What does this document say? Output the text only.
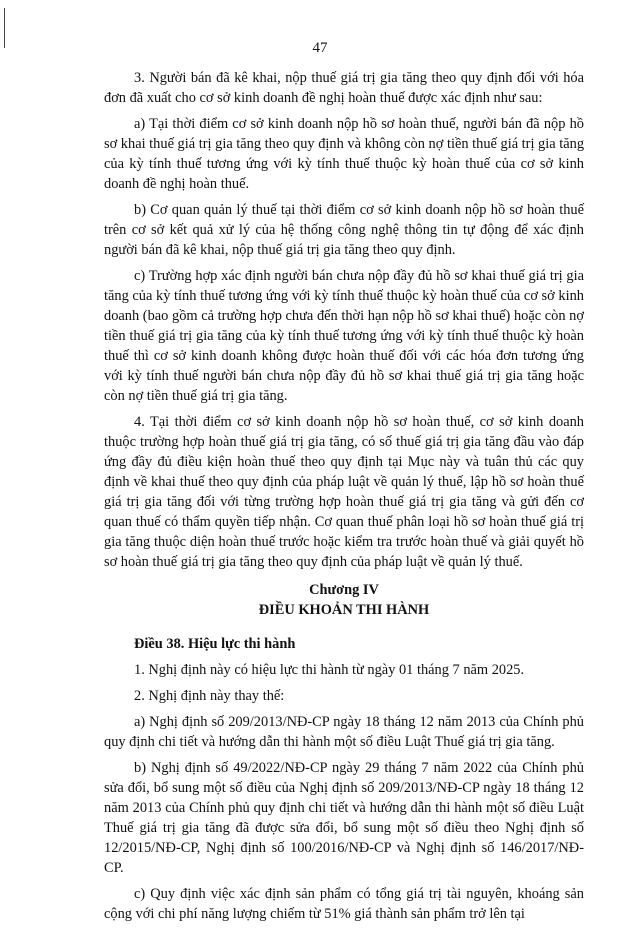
47

3. Người bán đã kê khai, nộp thuế giá trị gia tăng theo quy định đối với hóa đơn đã xuất cho cơ sở kinh doanh đề nghị hoàn thuế được xác định như sau:

a) Tại thời điểm cơ sở kinh doanh nộp hồ sơ hoàn thuế, người bán đã nộp hồ sơ khai thuế giá trị gia tăng theo quy định và không còn nợ tiền thuế giá trị gia tăng của kỳ tính thuế tương ứng với kỳ tính thuế thuộc kỳ hoàn thuế của cơ sở kinh doanh đề nghị hoàn thuế.

b) Cơ quan quản lý thuế tại thời điểm cơ sở kinh doanh nộp hồ sơ hoàn thuế trên cơ sở kết quả xử lý của hệ thống công nghệ thông tin tự động để xác định người bán đã kê khai, nộp thuế giá trị gia tăng theo quy định.

c) Trường hợp xác định người bán chưa nộp đầy đủ hồ sơ khai thuế giá trị gia tăng của kỳ tính thuế tương ứng với kỳ tính thuế thuộc kỳ hoàn thuế của cơ sở kinh doanh (bao gồm cả trường hợp chưa đến thời hạn nộp hồ sơ khai thuế) hoặc còn nợ tiền thuế giá trị gia tăng của kỳ tính thuế tương ứng với kỳ tính thuế thuộc kỳ hoàn thuế thì cơ sở kinh doanh không được hoàn thuế đối với các hóa đơn tương ứng với kỳ tính thuế người bán chưa nộp đầy đủ hồ sơ khai thuế giá trị gia tăng hoặc còn nợ tiền thuế giá trị gia tăng.

4. Tại thời điểm cơ sở kinh doanh nộp hồ sơ hoàn thuế, cơ sở kinh doanh thuộc trường hợp hoàn thuế giá trị gia tăng, có số thuế giá trị gia tăng đầu vào đáp ứng đầy đủ điều kiện hoàn thuế theo quy định tại Mục này và tuân thủ các quy định về khai thuế theo quy định của pháp luật về quản lý thuế, lập hồ sơ hoàn thuế giá trị gia tăng đối với từng trường hợp hoàn thuế giá trị gia tăng và gửi đến cơ quan thuế có thẩm quyền tiếp nhận. Cơ quan thuế phân loại hồ sơ hoàn thuế giá trị gia tăng thuộc diện hoàn thuế trước hoặc kiểm tra trước hoàn thuế và giải quyết hồ sơ hoàn thuế giá trị gia tăng theo quy định của pháp luật về quản lý thuế.

Chương IV

ĐIỀU KHOẢN THI HÀNH

Điều 38. Hiệu lực thi hành

1. Nghị định này có hiệu lực thi hành từ ngày 01 tháng 7 năm 2025.

2. Nghị định này thay thế:

a) Nghị định số 209/2013/NĐ-CP ngày 18 tháng 12 năm 2013 của Chính phủ quy định chi tiết và hướng dẫn thi hành một số điều Luật Thuế giá trị gia tăng.

b) Nghị định số 49/2022/NĐ-CP ngày 29 tháng 7 năm 2022 của Chính phủ sửa đổi, bổ sung một số điều của Nghị định số 209/2013/NĐ-CP ngày 18 tháng 12 năm 2013 của Chính phủ quy định chi tiết và hướng dẫn thi hành một số điều Luật Thuế giá trị gia tăng đã được sửa đổi, bổ sung một số điều theo Nghị định số 12/2015/NĐ-CP, Nghị định số 100/2016/NĐ-CP và Nghị định số 146/2017/NĐ-CP.

c) Quy định việc xác định sản phẩm có tổng giá trị tài nguyên, khoáng sản cộng với chi phí năng lượng chiếm từ 51% giá thành sản phẩm trở lên tại
